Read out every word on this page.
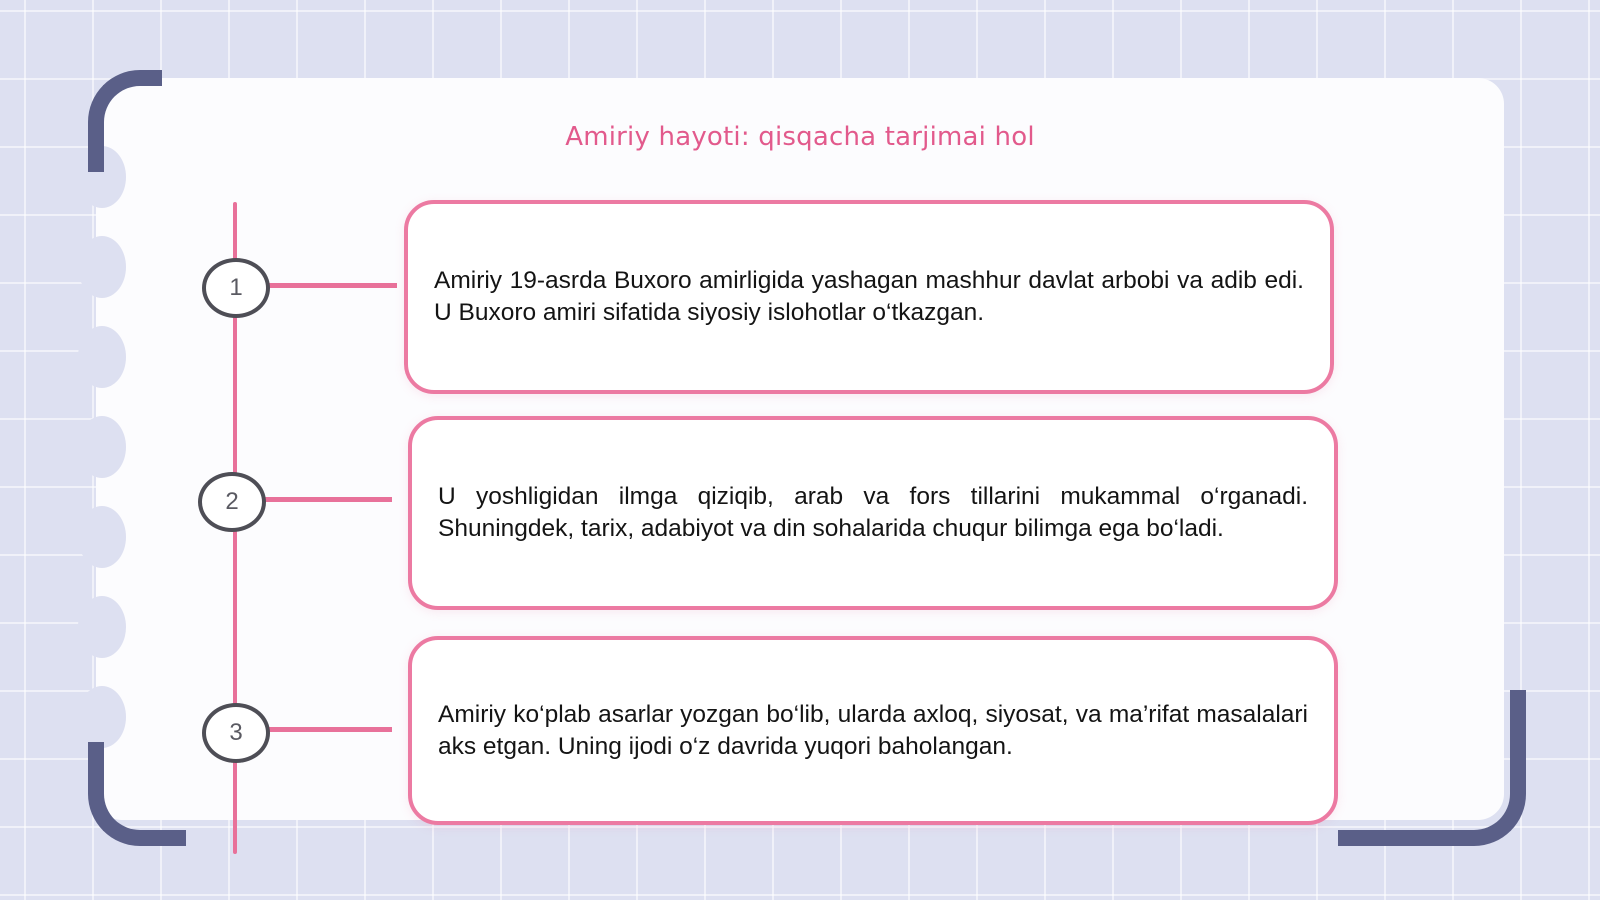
Amiriy hayoti: qisqacha tarjimai hol
1	Amiriy 19-asrda Buxoro amirligida yashagan mashhur davlat arbobi va adib edi. U Buxoro amiri sifatida siyosiy islohotlar o‘tkazgan.

2	U yoshligidan ilmga qiziqib, arab va fors tillarini mukammal o‘rganadi. Shuningdek, tarix, adabiyot va din sohalarida chuqur bilimga ega bo‘ladi.

3

Amiriy ko‘plab asarlar yozgan bo‘lib, ularda axloq, siyosat, va ma’rifat masalalari aks etgan. Uning ijodi o‘z davrida yuqori baholangan.
